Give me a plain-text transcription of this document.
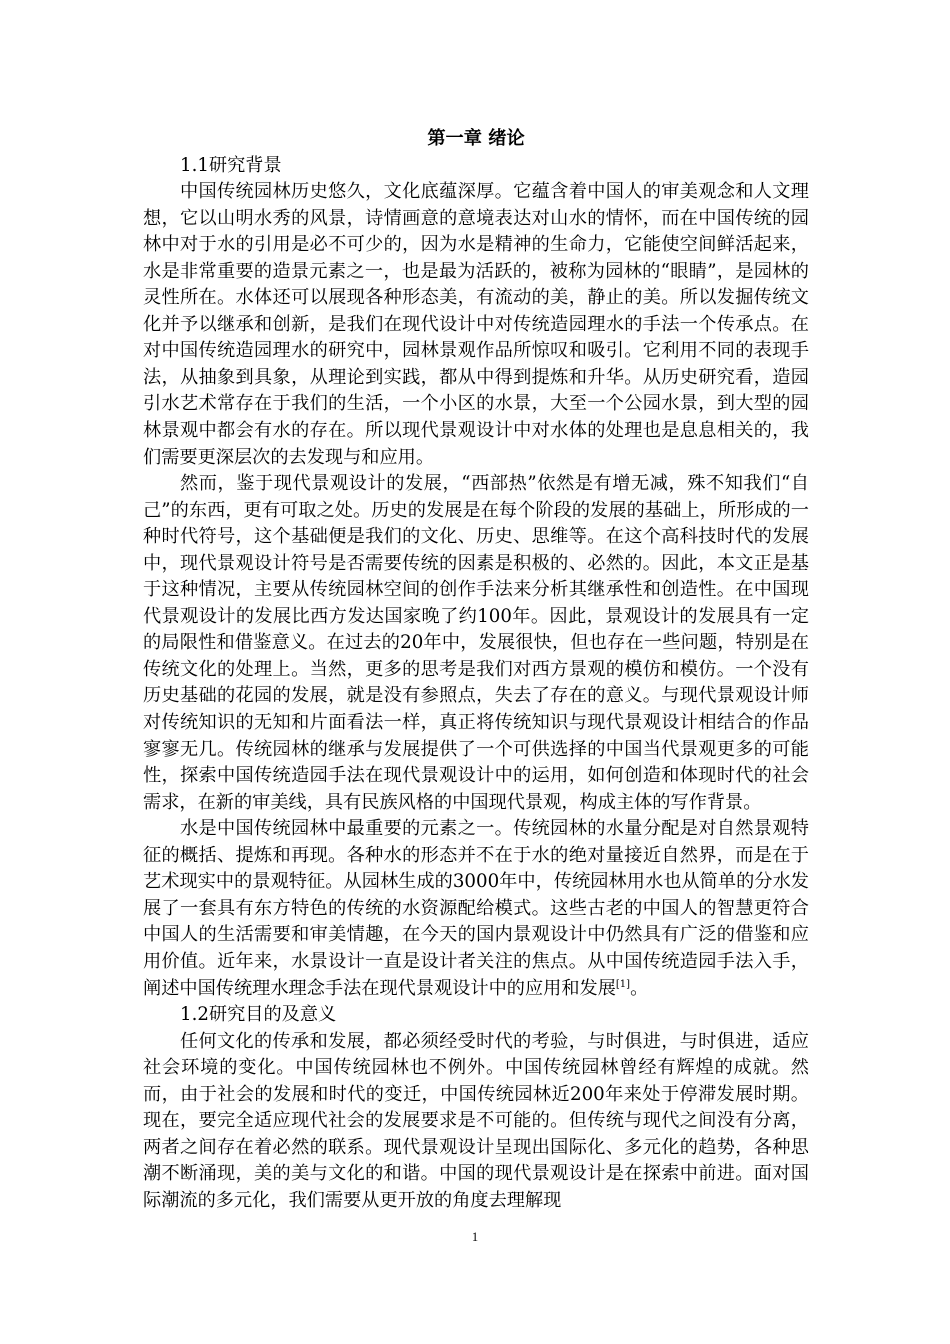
第一章 绪论
1.1研究背景

中国传统园林历史悠久，文化底蕴深厚。它蕴含着中国人的审美观念和人文理想，它以山明水秀的风景，诗情画意的意境表达对山水的情怀，而在中国传统的园林中对于水的引用是必不可少的，因为水是精神的生命力，它能使空间鲜活起来，水是非常重要的造景元素之一，也是最为活跃的，被称为园林的“眼睛”，是园林的灵性所在。水体还可以展现各种形态美，有流动的美，静止的美。所以发掘传统文化并予以继承和创新，是我们在现代设计中对传统造园理水的手法一个传承点。在对中国传统造园理水的研究中，园林景观作品所惊叹和吸引。它利用不同的表现手法，从抽象到具象，从理论到实践，都从中得到提炼和升华。从历史研究看，造园引水艺术常存在于我们的生活，一个小区的水景，大至一个公园水景，到大型的园林景观中都会有水的存在。所以现代景观设计中对水体的处理也是息息相关的，我们需要更深层次的去发现与和应用。

然而，鉴于现代景观设计的发展，“西部热”依然是有增无减，殊不知我们“自己”的东西，更有可取之处。历史的发展是在每个阶段的发展的基础上，所形成的一种时代符号，这个基础便是我们的文化、历史、思维等。在这个高科技时代的发展中，现代景观设计符号是否需要传统的因素是积极的、必然的。因此，本文正是基于这种情况，主要从传统园林空间的创作手法来分析其继承性和创造性。在中国现代景观设计的发展比西方发达国家晚了约100年。因此，景观设计的发展具有一定的局限性和借鉴意义。在过去的20年中，发展很快，但也存在一些问题，特别是在传统文化的处理上。当然，更多的思考是我们对西方景观的模仿和模仿。一个没有历史基础的花园的发展，就是没有参照点，失去了存在的意义。与现代景观设计师对传统知识的无知和片面看法一样，真正将传统知识与现代景观设计相结合的作品寥寥无几。传统园林的继承与发展提供了一个可供选择的中国当代景观更多的可能性，探索中国传统造园手法在现代景观设计中的运用，如何创造和体现时代的社会需求，在新的审美线，具有民族风格的中国现代景观，构成主体的写作背景。

水是中国传统园林中最重要的元素之一。传统园林的水量分配是对自然景观特征的概括、提炼和再现。各种水的形态并不在于水的绝对量接近自然界，而是在于艺术现实中的景观特征。从园林生成的3000年中，传统园林用水也从简单的分水发展了一套具有东方特色的传统的水资源配给模式。这些古老的中国人的智慧更符合中国人的生活需要和审美情趣，在今天的国内景观设计中仍然具有广泛的借鉴和应用价值。近年来，水景设计一直是设计者关注的焦点。从中国传统造园手法入手，阐述中国传统理水理念手法在现代景观设计中的应用和发展[1]。

1.2研究目的及意义

任何文化的传承和发展，都必须经受时代的考验，与时俱进，与时俱进，适应社会环境的变化。中国传统园林也不例外。中国传统园林曾经有辉煌的成就。然而，由于社会的发展和时代的变迁，中国传统园林近200年来处于停滞发展时期。现在，要完全适应现代社会的发展要求是不可能的。但传统与现代之间没有分离，两者之间存在着必然的联系。现代景观设计呈现出国际化、多元化的趋势，各种思潮不断涌现，美的美与文化的和谐。中国的现代景观设计是在探索中前进。面对国际潮流的多元化，我们需要从更开放的角度去理解现

1
